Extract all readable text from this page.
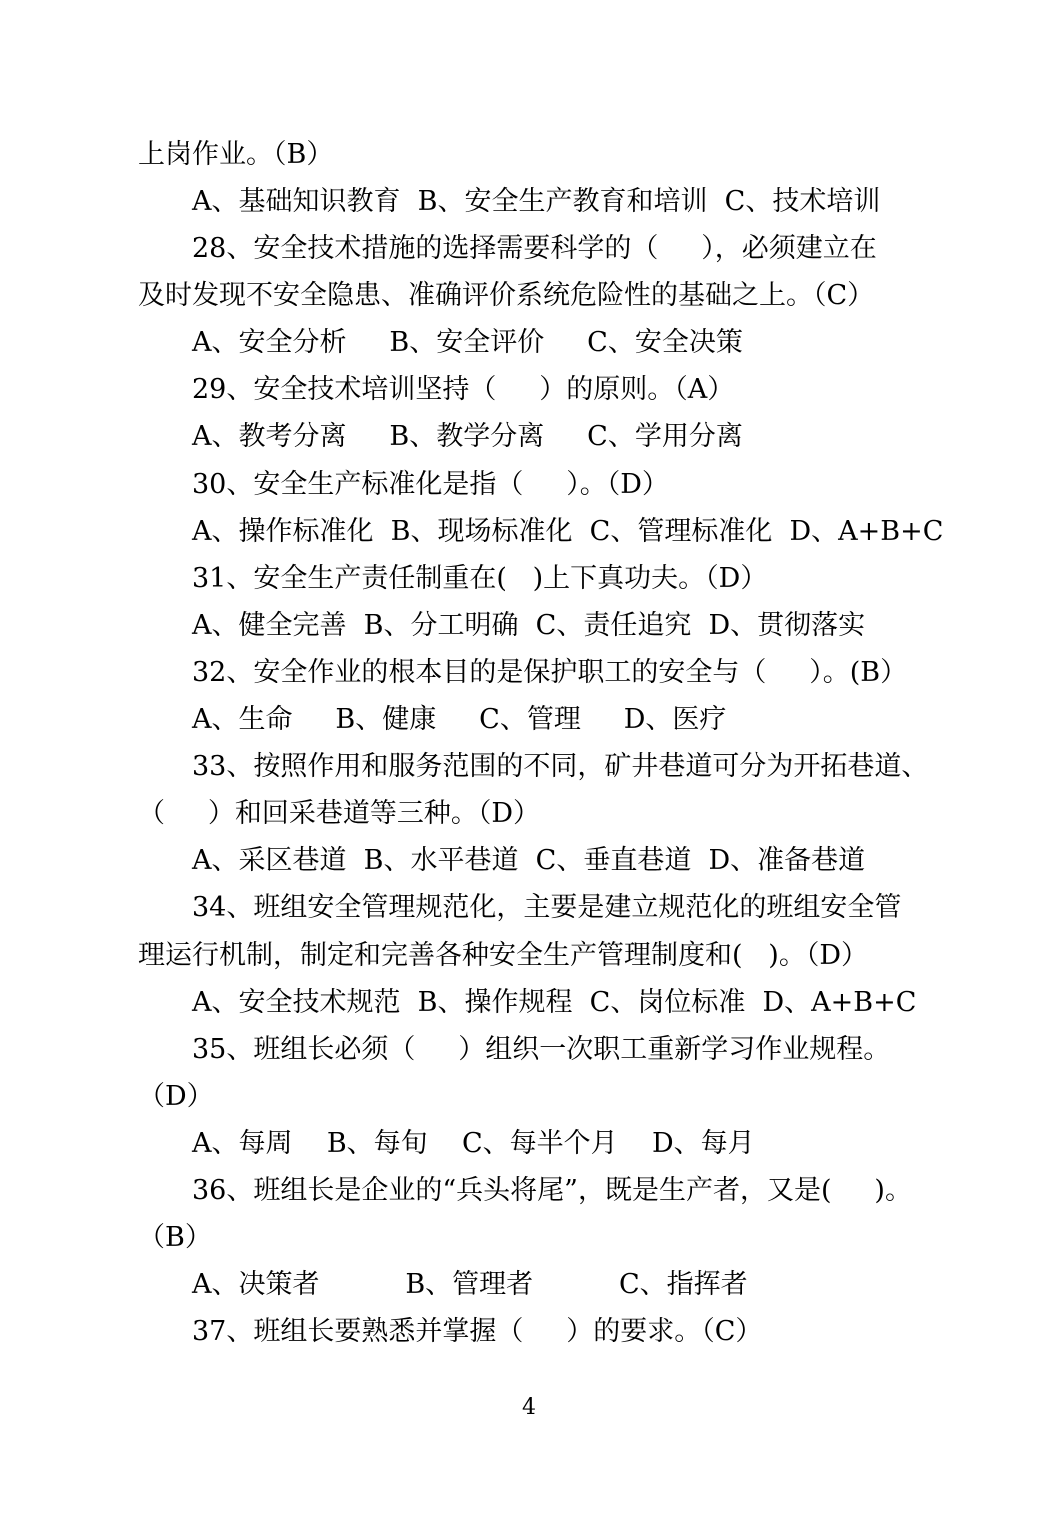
上岗作业。（B）
A、基础知识教育  B、安全生产教育和培训  C、技术培训
28、安全技术措施的选择需要科学的（     ），必须建立在
及时发现不安全隐患、准确评价系统危险性的基础之上。（C）
A、安全分析     B、安全评价     C、安全决策
29、安全技术培训坚持（     ）的原则。（A）
A、教考分离     B、教学分离     C、学用分离
30、安全生产标准化是指（     ）。（D）
A、操作标准化  B、现场标准化  C、管理标准化  D、A+B+C
31、安全生产责任制重在(   )上下真功夫。（D）
A、健全完善  B、分工明确  C、责任追究  D、贯彻落实
32、安全作业的根本目的是保护职工的安全与（     ）。(B）
A、生命     B、健康     C、管理     D、医疗
33、按照作用和服务范围的不同，矿井巷道可分为开拓巷道、
（     ）和回采巷道等三种。（D）
A、采区巷道  B、水平巷道  C、垂直巷道  D、准备巷道
34、班组安全管理规范化，主要是建立规范化的班组安全管
理运行机制，制定和完善各种安全生产管理制度和(   )。（D）
A、安全技术规范  B、操作规程  C、岗位标准  D、A+B+C
35、班组长必须（     ）组织一次职工重新学习作业规程。
（D）
A、每周    B、每旬    C、每半个月    D、每月
36、班组长是企业的“兵头将尾”，既是生产者，又是(     )。
（B）
A、决策者          B、管理者          C、指挥者
37、班组长要熟悉并掌握（     ）的要求。（C）
4
